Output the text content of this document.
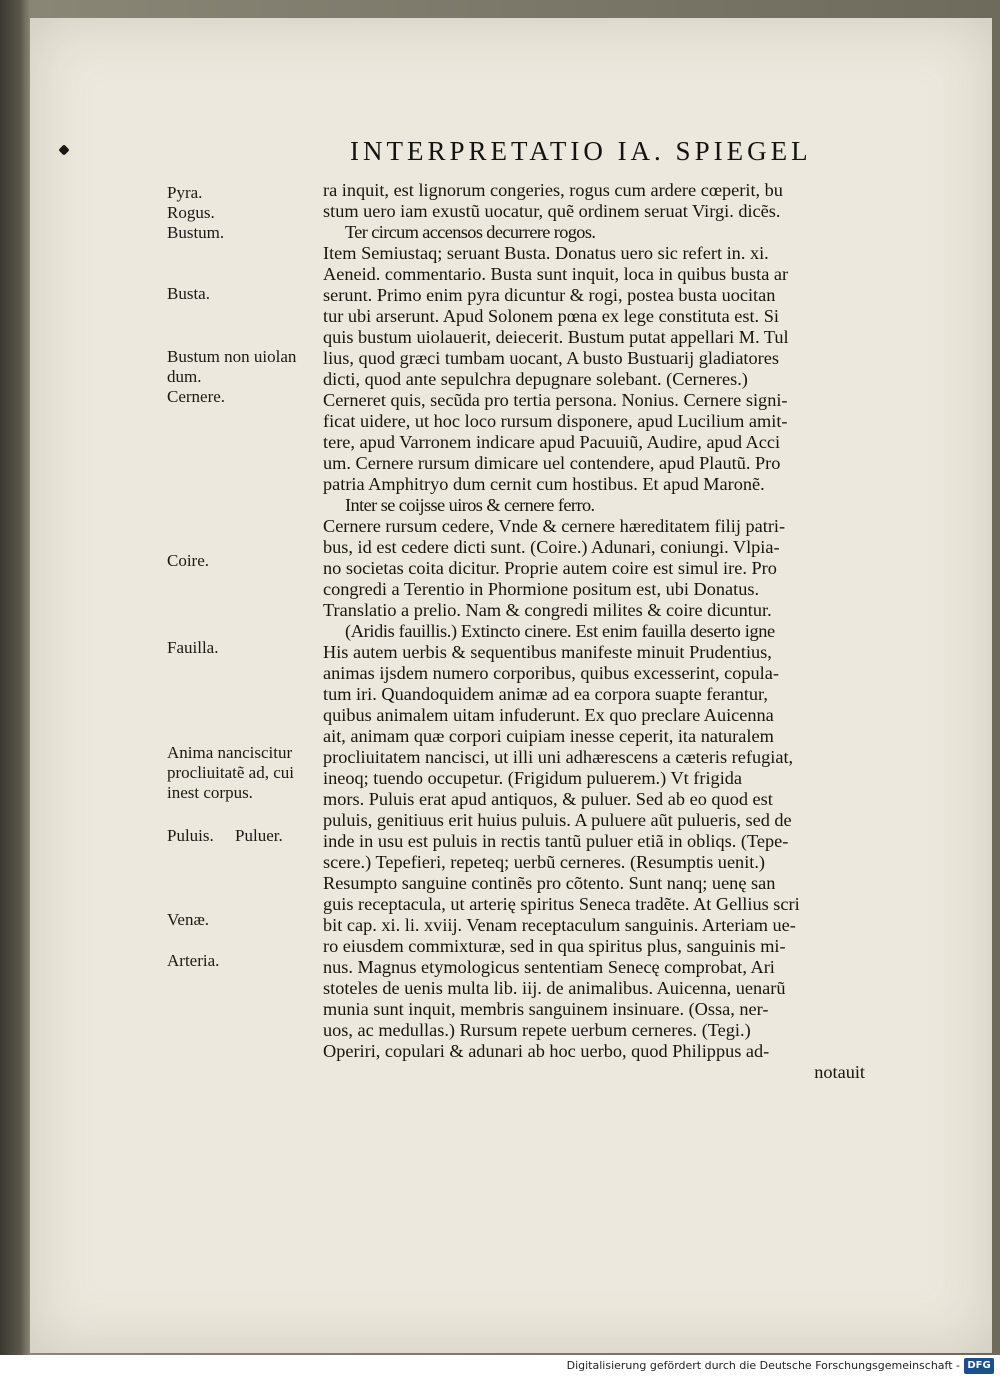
INTERPRETATIO IA. SPIEGEL
Pyra.
Rogus.
Bustum.
Busta.
Bustum non uiolan
dum.
Cernere.
Coire.
Fauilla.
Anima nanciscitur
procliuitatẽ ad, cui
inest corpus.
Puluis.     Puluer.
Venæ.
Arteria.
ra inquit, est lignorum congeries, rogus cum ardere cœperit, bu
stum uero iam exustũ uocatur, quẽ ordinem seruat Virgi. dicẽs.
Ter circum accensos decurrere rogos.
Item Semiustaq; seruant Busta. Donatus uero sic refert in. xi.
Aeneid. commentario. Busta sunt inquit, loca in quibus busta ar
serunt. Primo enim pyra dicuntur & rogi, postea busta uocitan
tur ubi arserunt. Apud Solonem pœna ex lege constituta est. Si
quis bustum uiolauerit, deiecerit. Bustum putat appellari M. Tul
lius, quod græci tumbam uocant, A busto Bustuarij gladiatores
dicti, quod ante sepulchra depugnare solebant. (Cerneres.)
Cerneret quis, secũda pro tertia persona. Nonius. Cernere signi-
ficat uidere, ut hoc loco rursum disponere, apud Lucilium amit-
tere, apud Varronem indicare apud Pacuuiũ, Audire, apud Acci
um. Cernere rursum dimicare uel contendere, apud Plautũ. Pro
patria Amphitryo dum cernit cum hostibus. Et apud Maronẽ.
Inter se coijsse uiros & cernere ferro.
Cernere rursum cedere, Vnde & cernere hæreditatem filij patri-
bus, id est cedere dicti sunt. (Coire.) Adunari, coniungi. Vlpia-
no societas coita dicitur. Proprie autem coire est simul ire. Pro
congredi a Terentio in Phormione positum est, ubi Donatus.
Translatio a prelio. Nam & congredi milites & coire dicuntur.
(Aridis fauillis.) Extincto cinere. Est enim fauilla deserto igne
His autem uerbis & sequentibus manifeste minuit Prudentius,
animas ijsdem numero corporibus, quibus excesserint, copula-
tum iri. Quandoquidem animæ ad ea corpora suapte ferantur,
quibus animalem uitam infuderunt. Ex quo preclare Auicenna
ait, animam quæ corpori cuipiam inesse ceperit, ita naturalem
procliuitatem nancisci, ut illi uni adhærescens a cæteris refugiat,
ineoq; tuendo occupetur. (Frigidum puluerem.) Vt frigida
mors. Puluis erat apud antiquos, & puluer. Sed ab eo quod est
puluis, genitiuus erit huius puluis. A puluere aũt pulueris, sed de
inde in usu est puluis in rectis tantũ puluer etiã in obliqs. (Tepe-
scere.) Tepefieri, repeteq; uerbũ cerneres. (Resumptis uenit.)
Resumpto sanguine continẽs pro cõtento. Sunt nanq; uenę san
guis receptacula, ut arterię spiritus Seneca tradẽte. At Gellius scri
bit cap. xi. li. xviij. Venam receptaculum sanguinis. Arteriam ue-
ro eiusdem commixturæ, sed in qua spiritus plus, sanguinis mi-
nus. Magnus etymologicus sententiam Senecę comprobat, Ari
stoteles de uenis multa lib. iij. de animalibus. Auicenna, uenarũ
munia sunt inquit, membris sanguinem insinuare. (Ossa, ner-
uos, ac medullas.) Rursum repete uerbum cerneres. (Tegi.)
Operiri, copulari & adunari ab hoc uerbo, quod Philippus ad-
notauit
Digitalisierung gefördert durch die Deutsche Forschungsgemeinschaft - DFG
